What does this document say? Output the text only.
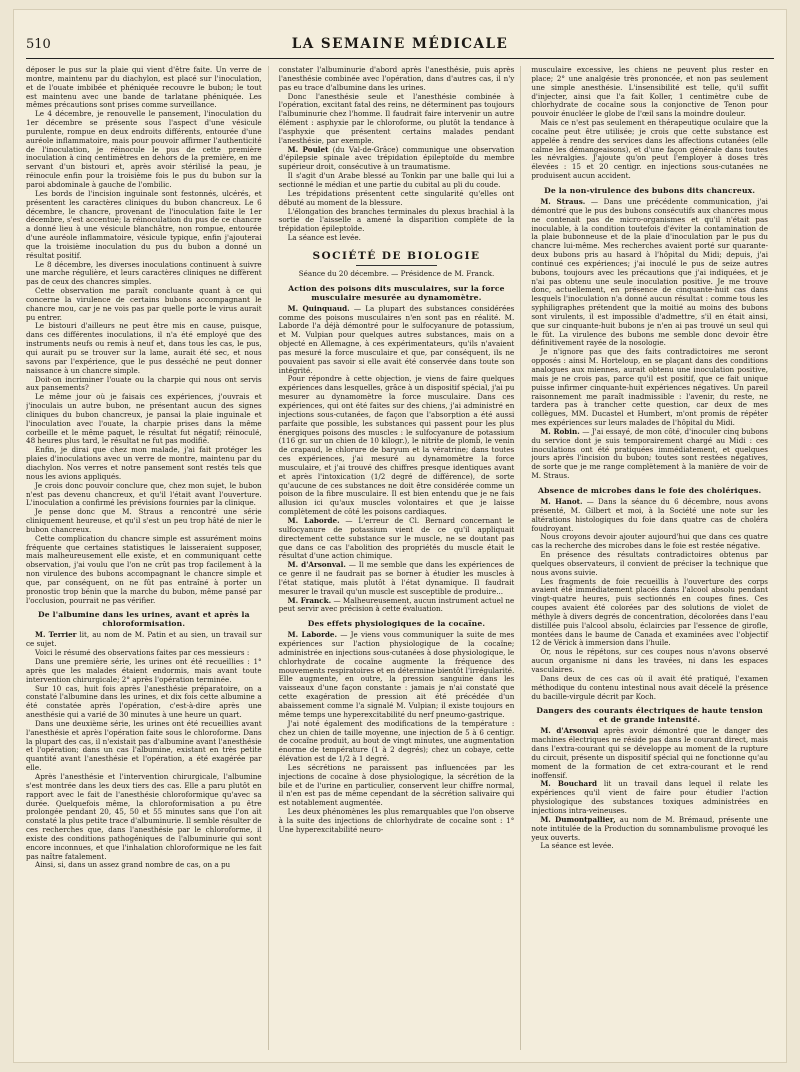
510	LA SEMAINE MÉDICALE

déposer le pus sur la plaie qui vient d'être faite. Un verre de montre, maintenu par du diachylon, est placé sur l'inoculation, et de l'ouate imbibée et phéniquée recouvre le bubon; le tout est maintenu avec une bande de tarlatane phéniquée. Les mêmes précautions sont prises comme surveillance.

Le 4 décembre, je renouvelle le pansement, l'inoculation du 1er décembre se présente sous l'aspect d'une vésicule purulente, rompue en deux endroits différents, entourée d'une auréole inflammatoire, mais pour pouvoir affirmer l'authenticité de l'inoculation, je réinocule le pus de cette première inoculation à cinq centimètres en dehors de la première, en me servant d'un bistouri et, après avoir stérilisé la peau, je réinocule enfin pour la troisième fois le pus du bubon sur la paroi abdominale à gauche de l'ombilic.

Les bords de l'incision inguinale sont festonnés, ulcérés, et présentent les caractères cliniques du bubon chancreux. Le 6 décembre, le chancre, provenant de l'inoculation faite le 1er décembre, s'est accentué; la réinoculation du pus de ce chancre a donné lieu à une vésicule blanchâtre, non rompue, entourée d'une auréole inflammatoire, vésicule typique, enfin j'ajouterai que la troisième inoculation du pus du bubon a donné un résultat positif.

Le 8 décembre, les diverses inoculations continuent à suivre une marche régulière, et leurs caractères cliniques ne diffèrent pas de ceux des chancres simples.

Cette observation me paraît concluante quant à ce qui concerne la virulence de certains bubons accompagnant le chancre mou, car je ne vois pas par quelle porte le virus aurait pu entrer.

Le bistouri d'ailleurs ne peut être mis en cause, puisque, dans ces différentes inoculations, il n'a été employé que des instruments neufs ou remis à neuf et, dans tous les cas, le pus, qui aurait pu se trouver sur la lame, aurait été sec, et nous savons par l'expérience, que le pus desséché ne peut donner naissance à un chancre simple.

Doit-on incriminer l'ouate ou la charpie qui nous ont servis aux pansements?

Le même jour où je faisais ces expériences, j'ouvrais et j'inoculais un autre bubon, ne présentant aucun des signes cliniques du bubon chancreux, je pansai la plaie inguinale et l'inoculation avec l'ouate, la charpie prises dans la même corbeille et le même paquet, le résultat fut négatif; réinoculé, 48 heures plus tard, le résultat ne fut pas modifié.

Enfin, je dirai que chez mon malade, j'ai fait protéger les plaies d'inoculations avec un verre de montre, maintenu par du diachylon. Nos verres et notre pansement sont restés tels que nous les avions appliqués.

Je crois donc pouvoir conclure que, chez mon sujet, le bubon n'est pas devenu chancreux, et qu'il l'était avant l'ouverture. L'inoculation a confirmé les prévisions fournies par la clinique.

Je pense donc que M. Straus a rencontré une série cliniquement heureuse, et qu'il s'est un peu trop hâté de nier le bubon chancreux.

Cette complication du chancre simple est assurément moins fréquente que certaines statistiques le laisseraient supposer, mais malheureusement elle existe, et en communiquant cette observation, j'ai voulu que l'on ne crût pas trop facilement à la non virulence des bubons accompagnant le chancre simple et que, par conséquent, on ne fût pas entraîné à porter un pronostic trop bénin que la marche du bubon, même pansé par l'occlusion, pourrait ne pas vérifier.

De l'albumine dans les urines, avant et après la chloroformisation.

M. Terrier lit, au nom de M. Patin et au sien, un travail sur ce sujet.

Voici le résumé des observations faites par ces messieurs :

Dans une première série, les urines ont été recueillies : 1° après que les malades étaient endormis, mais avant toute intervention chirurgicale; 2° après l'opération terminée.

Sur 10 cas, huit fois après l'anesthésie préparatoire, on a constaté l'albumine dans les urines, et dix fois cette albumine a été constatée après l'opération, c'est-à-dire après une anesthésie qui a varié de 30 minutes à une heure un quart.

Dans une deuxième série, les urines ont été recueillies avant l'anesthésie et après l'opération faite sous le chloroforme. Dans la plupart des cas, il n'existait pas d'albumine avant l'anesthésie et l'opération; dans un cas l'albumine, existant en très petite quantité avant l'anesthésie et l'opération, a été exagérée par elle.

Après l'anesthésie et l'intervention chirurgicale, l'albumine s'est montrée dans les deux tiers des cas. Elle a paru plutôt en rapport avec le fait de l'anesthésie chloroformique qu'avec sa durée. Quelquefois même, la chloroformisation a pu être prolongée pendant 20, 45, 50 et 55 minutes sans que l'on ait constaté la plus petite trace d'albuminurie. Il semble résulter de ces recherches que, dans l'anesthésie par le chloroforme, il existe des conditions pathogéniques de l'albuminurie qui sont encore inconnues, et que l'inhalation chloroformique ne les fait pas naître fatalement.

Ainsi, si, dans un assez grand nombre de cas, on a pu

constater l'albuminurie d'abord après l'anesthésie, puis après l'anesthésie combinée avec l'opération, dans d'autres cas, il n'y pas eu trace d'albumine dans les urines.

Donc l'anesthésie seule et l'anesthésie combinée à l'opération, excitant fatal des reins, ne déterminent pas toujours l'albuminurie chez l'homme. Il faudrait faire intervenir un autre élément : asphyxie par le chloroforme, ou plutôt la tendance à l'asphyxie que présentent certains malades pendant l'anesthésie, par exemple.

M. Poulet (du Val-de-Grâce) communique une observation d'épilepsie spinale avec trépidation épileptoïde du membre supérieur droit, consécutive à un traumatisme.

Il s'agit d'un Arabe blessé au Tonkin par une balle qui lui a sectionné le médian et une partie du cubital au pli du coude.

Les trépidations présentent cette singularité qu'elles ont débuté au moment de la blessure.

L'élongation des branches terminales du plexus brachial à la sortie de l'aisselle a amené la disparition complète de la trépidation épileptoïde.

La séance est levée.

SOCIÉTÉ DE BIOLOGIE

Séance du 20 décembre. — Présidence de M. Franck.

Action des poisons dits musculaires, sur la force musculaire mesurée au dynamomètre.

M. Quinquaud. — La plupart des substances considérées comme des poisons musculaires n'en sont pas en réalité. M. Laborde l'a déjà démontré pour le sulfocyanure de potassium, et M. Vulpian pour quelques autres substances, mais on a objecté en Allemagne, à ces expérimentateurs, qu'ils n'avaient pas mesuré la force musculaire et que, par conséquent, ils ne pouvaient pas savoir si elle avait été conservée dans toute son intégrité.

Pour répondre à cette objection, je viens de faire quelques expériences dans lesquelles, grâce à un dispositif spécial, j'ai pu mesurer au dynamomètre la force musculaire. Dans ces expériences, qui ont été faites sur des chiens, j'ai administré en injections sous-cutanées, de façon que l'absorption a été aussi parfaite que possible, les substances qui passent pour les plus énergiques poisons des muscles : le sulfocyanure de potassium (116 gr. sur un chien de 10 kilogr.), le nitrite de plomb, le venin de crapaud, le chlorure de baryum et la vératrine; dans toutes ces expériences, j'ai mesuré au dynamomètre la force musculaire, et j'ai trouvé des chiffres presque identiques avant et après l'intoxication (1/2 degré de différence), de sorte qu'aucune de ces substances ne doit être considérée comme un poison de la fibre musculaire. Il est bien entendu que je ne fais allusion ici qu'aux muscles volontaires et que je laisse complètement de côté les poisons cardiaques.

M. Laborde. — L'erreur de Cl. Bernard concernant le sulfocyanure de potassium vient de ce qu'il appliquait directement cette substance sur le muscle, ne se doutant pas que dans ce cas l'abolition des propriétés du muscle était le résultat d'une action chimique.

M. d'Arsonval. — Il me semble que dans les expériences de ce genre il ne faudrait pas se borner à étudier les muscles à l'état statique, mais plutôt à l'état dynamique. Il faudrait mesurer le travail qu'un muscle est susceptible de produire...

M. Franck. — Malheureusement, aucun instrument actuel ne peut servir avec précision à cette évaluation.

Des effets physiologiques de la cocaïne.

M. Laborde. — Je viens vous communiquer la suite de mes expériences sur l'action physiologique de la cocaïne; administrée en injections sous-cutanées à dose physiologique, le chlorhydrate de cocaïne augmente la fréquence des mouvements respiratoires et en détermine bientôt l'irrégularité. Elle augmente, en outre, la pression sanguine dans les vaisseaux d'une façon constante : jamais je n'ai constaté que cette exagération de pression ait été précédée d'un abaissement comme l'a signalé M. Vulpian; il existe toujours en même temps une hyperexcitabilité du nerf pneumo-gastrique.

J'ai noté également des modifications de la température : chez un chien de taille moyenne, une injection de 5 à 6 centigr. de cocaïne produit, au bout de vingt minutes, une augmentation énorme de température (1 à 2 degrés); chez un cobaye, cette élévation est de 1/2 à 1 degré.

Les sécrétions ne paraissent pas influencées par les injections de cocaïne à dose physiologique, la sécrétion de la bile et de l'urine en particulier, conservent leur chiffre normal, il n'en est pas de même cependant de la sécrétion salivaire qui est notablement augmentée.

Les deux phénomènes les plus remarquables que l'on observe à la suite des injections de chlorhydrate de cocaïne sont : 1° Une hyperexcitabilité neuro-

musculaire excessive, les chiens ne peuvent plus rester en place; 2° une analgésie très prononcée, et non pas seulement une simple anesthésie. L'insensibilité est telle, qu'il suffit d'injecter, ainsi que l'a fait Koller, 1 centimètre cube de chlorhydrate de cocaïne sous la conjonctive de Tenon pour pouvoir énucléer le globe de l'œil sans la moindre douleur.

Mais ce n'est pas seulement en thérapeutique oculaire que la cocaïne peut être utilisée; je crois que cette substance est appelée à rendre des services dans les affections cutanées (elle calme les démangeaisons), et d'une façon générale dans toutes les névralgies. J'ajoute qu'on peut l'employer à doses très élevées : 15 et 20 centigr. en injections sous-cutanées ne produisent aucun accident.

De la non-virulence des bubons dits chancreux.

M. Straus. — Dans une précédente communication, j'ai démontré que le pus des bubons consécutifs aux chancres mous ne contenait pas de micro-organismes et qu'il n'était pas inoculable, à la condition toutefois d'éviter la contamination de la plaie bubonneuse et de la plaie d'inoculation par le pus du chancre lui-même. Mes recherches avaient porté sur quarante-deux bubons pris au hasard à l'hôpital du Midi; depuis, j'ai continué ces expériences; j'ai inoculé le pus de seize autres bubons, toujours avec les précautions que j'ai indiquées, et je n'ai pas obtenu une seule inoculation positive. Je me trouve donc, actuellement, en présence de cinquante-huit cas dans lesquels l'inoculation n'a donné aucun résultat : comme tous les syphiligraphes prétendent que la moitié au moins des bubons sont virulents, il est impossible d'admettre, s'il en était ainsi, que sur cinquante-huit bubons je n'en ai pas trouvé un seul qui le fût. La virulence des bubons me semble donc devoir être définitivement rayée de la nosologie.

Je n'ignore pas que des faits contradictoires me seront opposés : ainsi M. Horteloup, en se plaçant dans des conditions analogues aux miennes, aurait obtenu une inoculation positive, mais je ne crois pas, parce qu'il est positif, que ce fait unique puisse infirmer cinquante-huit expériences négatives. Un pareil raisonnement me paraît inadmissible : l'avenir, du reste, ne tardera pas à trancher cette question, car deux de mes collègues, MM. Ducastel et Humbert, m'ont promis de répéter mes expériences sur leurs malades de l'hôpital du Midi.

M. Robin. — J'ai essayé, de mon côté, d'inoculer cinq bubons du service dont je suis temporairement chargé au Midi : ces inoculations ont été pratiquées immédiatement, et quelques jours après l'incision du bubon; toutes sont restées négatives, de sorte que je me range complètement à la manière de voir de M. Straus.

Absence de microbes dans le foie des cholériques.

M. Hanot. — Dans la séance du 6 décembre, nous avons présenté, M. Gilbert et moi, à la Société une note sur les altérations histologiques du foie dans quatre cas de choléra foudroyant.

Nous croyons devoir ajouter aujourd'hui que dans ces quatre cas la recherche des microbes dans le foie est restée négative.

En présence des résultats contradictoires obtenus par quelques observateurs, il convient de préciser la technique que nous avons suivie.

Les fragments de foie recueillis à l'ouverture des corps avaient été immédiatement placés dans l'alcool absolu pendant vingt-quatre heures, puis sectionnés en coupes fines. Ces coupes avaient été colorées par des solutions de violet de méthyle à divers degrés de concentration, décolorées dans l'eau distillée puis l'alcool absolu, éclaircies par l'essence de girofle, montées dans le baume de Canada et examinées avec l'objectif 12 de Vérick à immersion dans l'huile.

Or, nous le répétons, sur ces coupes nous n'avons observé aucun organisme ni dans les travées, ni dans les espaces vasculaires.

Dans deux de ces cas où il avait été pratiqué, l'examen méthodique du contenu intestinal nous avait décelé la présence du bacille-virgule décrit par Koch.

Dangers des courants électriques de haute tension et de grande intensité.

M. d'Arsonval après avoir démontré que le danger des machines électriques ne réside pas dans le courant direct, mais dans l'extra-courant qui se développe au moment de la rupture du circuit, présente un dispositif spécial qui ne fonctionne qu'au moment de la formation de cet extra-courant et le rend inoffensif.

M. Bouchard lit un travail dans lequel il relate les expériences qu'il vient de faire pour étudier l'action physiologique des substances toxiques administrées en injections intra-veineuses.

M. Dumontpallier, au nom de M. Brémaud, présente une note intitulée de la Production du somnambulisme provoqué les yeux ouverts.

La séance est levée.
